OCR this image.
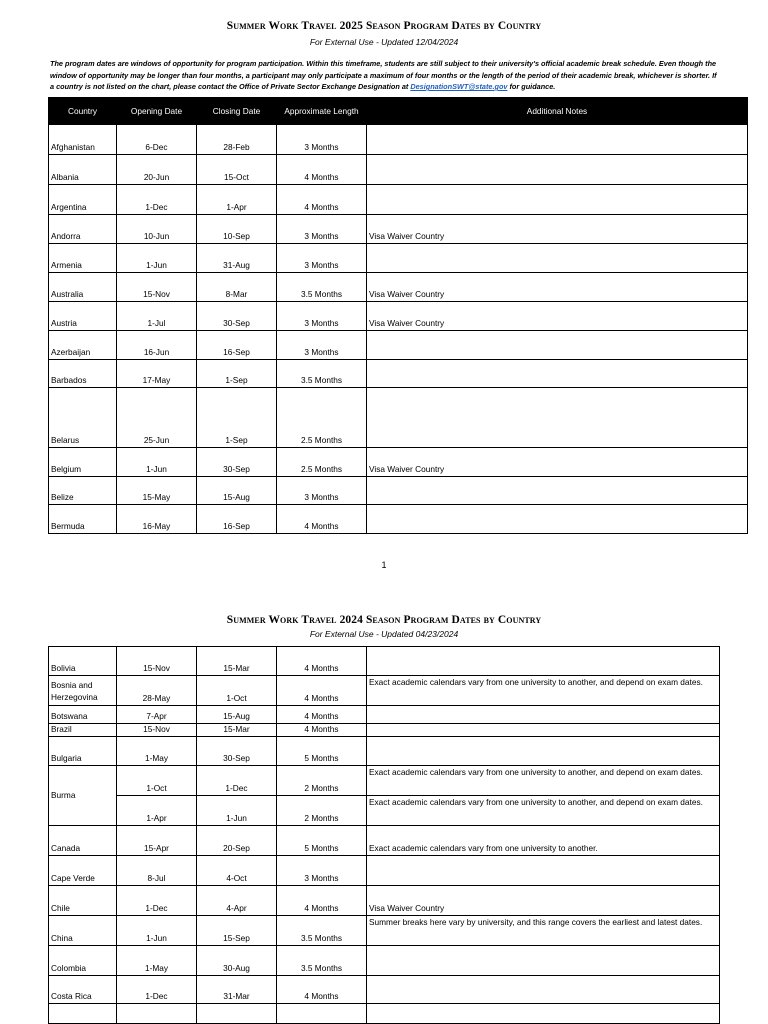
Summer Work Travel 2025 Season Program Dates by Country
For External Use - Updated 12/04/2024
The program dates are windows of opportunity for program participation. Within this timeframe, students are still subject to their university's official academic break schedule. Even though the window of opportunity may be longer than four months, a participant may only participate a maximum of four months or the length of the period of their academic break, whichever is shorter. If a country is not listed on the chart, please contact the Office of Private Sector Exchange Designation at DesignationSWT@state.gov for guidance.
Country	Opening Date	Closing Date	Approximate Length	Additional Notes
Afghanistan	6-Dec	28-Feb	3 Months	
Albania	20-Jun	15-Oct	4 Months	
Argentina	1-Dec	1-Apr	4 Months	
Andorra	10-Jun	10-Sep	3 Months	Visa Waiver Country
Armenia	1-Jun	31-Aug	3 Months	
Australia	15-Nov	8-Mar	3.5 Months	Visa Waiver Country
Austria	1-Jul	30-Sep	3 Months	Visa Waiver Country
Azerbaijan	16-Jun	16-Sep	3 Months	
Barbados	17-May	1-Sep	3.5 Months	
Belarus	25-Jun	1-Sep	2.5 Months	
Belgium	1-Jun	30-Sep	2.5 Months	Visa Waiver Country
Belize	15-May	15-Aug	3 Months	
Bermuda	16-May	16-Sep	4 Months	
1
Summer Work Travel 2024 Season Program Dates by Country
For External Use - Updated 04/23/2024
Bolivia	15-Nov	15-Mar	4 Months	

Bosnia and Herzegovina	28-May	1-Oct	4 Months	Exact academic calendars vary from one university to another, and depend on exam dates.

Botswana	7-Apr	15-Aug	4 Months	
Brazil	15-Nov	15-Mar	4 Months	
Bulgaria	1-May	30-Sep	5 Months	
Burma	1-Oct	1-Dec	2 Months	Exact academic calendars vary from one university to another, and depend on exam dates.

	1-Apr	1-Jun	2 Months	Exact academic calendars vary from one university to another, and depend on exam dates.

Canada	15-Apr	20-Sep	5 Months	Exact academic calendars vary from one university to another.
Cape Verde	8-Jul	4-Oct	3 Months	
Chile	1-Dec	4-Apr	4 Months	Visa Waiver Country
China	1-Jun	15-Sep	3.5 Months	Summer breaks here vary by university, and this range covers the earliest and latest dates.

Colombia	1-May	30-Aug	3.5 Months	
Costa Rica	1-Dec	31-Mar	4 Months	
